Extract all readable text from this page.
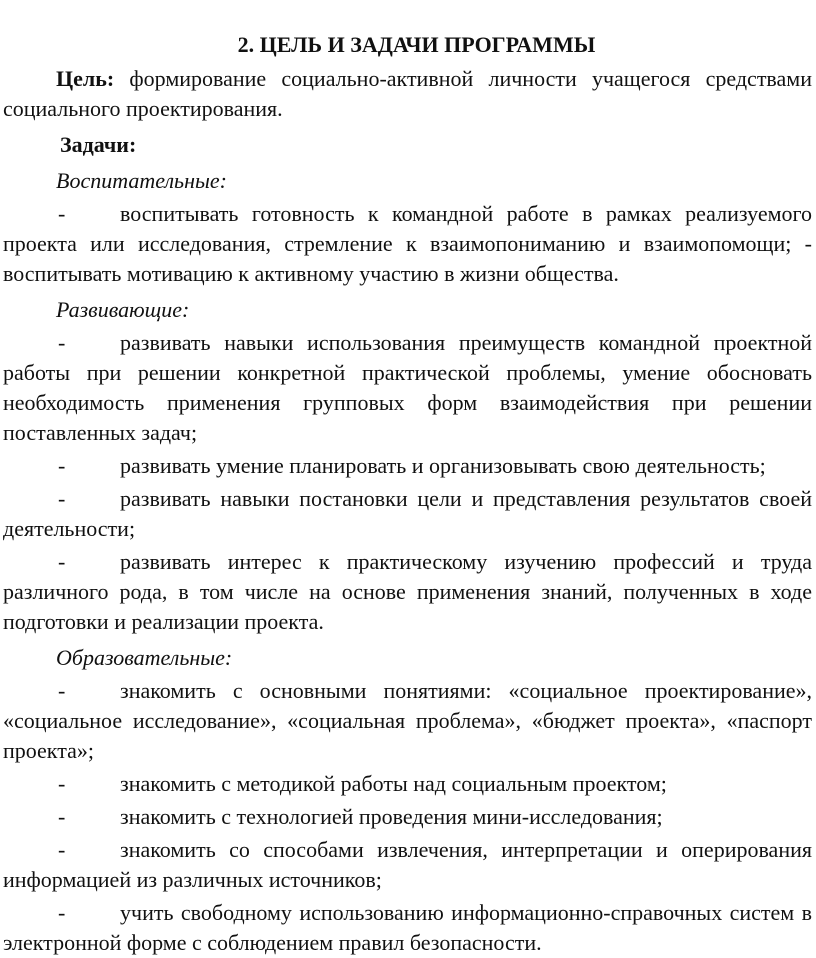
2. ЦЕЛЬ И ЗАДАЧИ ПРОГРАММЫ

Цель: формирование социально-активной личности учащегося средствами социального проектирования.

Задачи:

Воспитательные:

- воспитывать готовность к командной работе в рамках реализуемого проекта или исследования, стремление к взаимопониманию и взаимопомощи; - воспитывать мотивацию к активному участию в жизни общества.

Развивающие:

- развивать навыки использования преимуществ командной проектной работы при решении конкретной практической проблемы, умение обосновать необходимость применения групповых форм взаимодействия при решении поставленных задач;

- развивать умение планировать и организовывать свою деятельность;

- развивать навыки постановки цели и представления результатов своей деятельности;

- развивать интерес к практическому изучению профессий и труда различного рода, в том числе на основе применения знаний, полученных в ходе подготовки и реализации проекта.

Образовательные:

- знакомить с основными понятиями: «социальное проектирование», «социальное исследование», «социальная проблема», «бюджет проекта», «паспорт проекта»;

- знакомить с методикой работы над социальным проектом;

- знакомить с технологией проведения мини-исследования;

- знакомить со способами извлечения, интерпретации и оперирования информацией из различных источников;

- учить свободному использованию информационно-справочных систем в электронной форме с соблюдением правил безопасности.
